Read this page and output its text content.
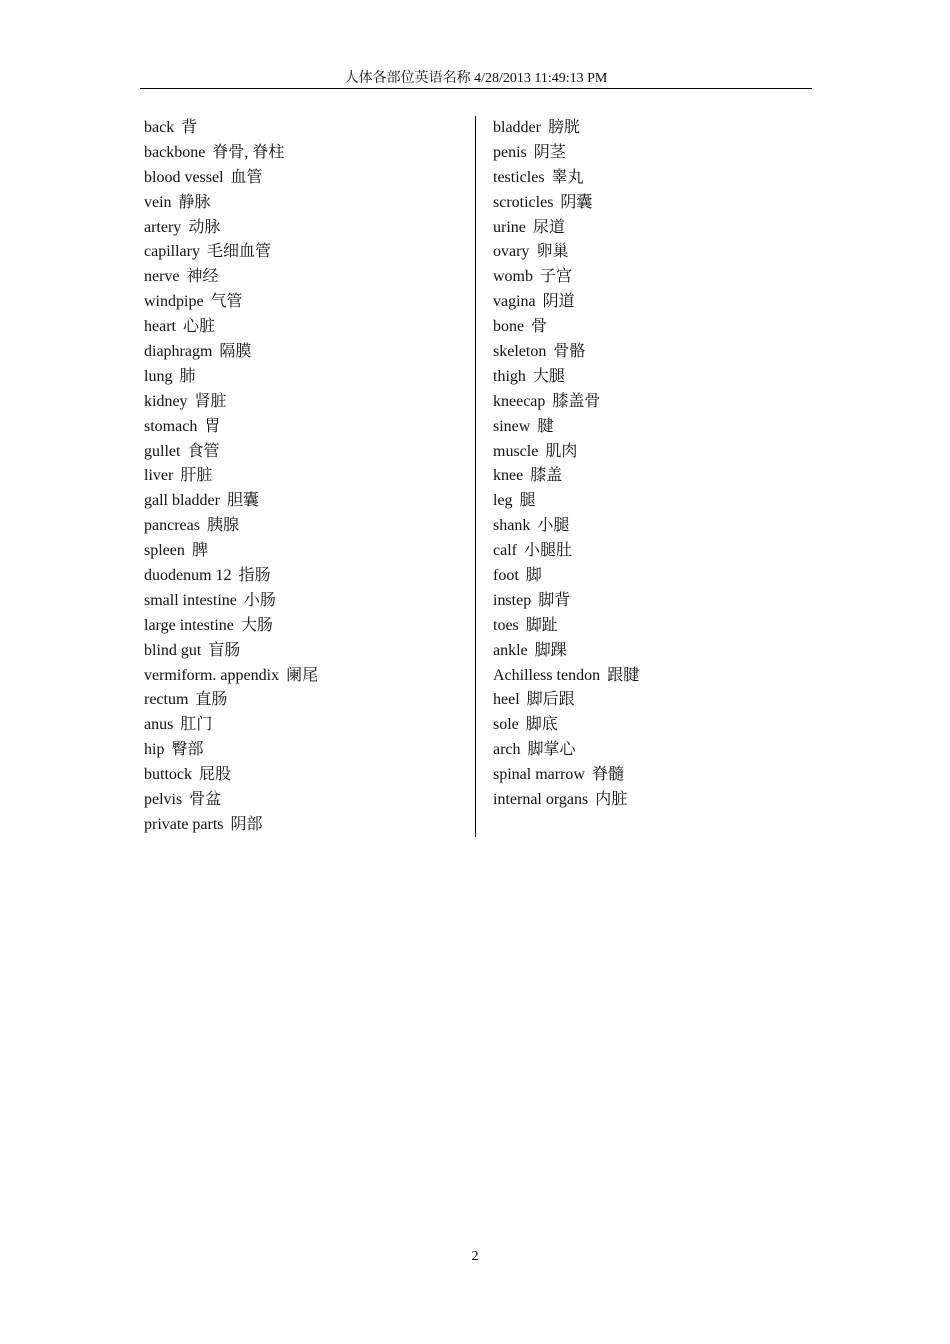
人体各部位英语名称 4/28/2013 11:49:13 PM
back 背
backbone 脊骨, 脊柱
blood vessel 血管
vein 静脉
artery 动脉
capillary 毛细血管
nerve 神经
windpipe 气管
heart 心脏
diaphragm 隔膜
lung 肺
kidney 肾脏
stomach 胃
gullet 食管
liver 肝脏
gall bladder 胆囊
pancreas 胰腺
spleen 脾
duodenum 12 指肠
small intestine 小肠
large intestine 大肠
blind gut 盲肠
vermiform. appendix 阑尾
rectum 直肠
anus 肛门
hip 臀部
buttock 屁股
pelvis 骨盆
private parts 阴部
bladder 膀胱
penis 阴茎
testicles 睾丸
scroticles 阴囊
urine 尿道
ovary 卵巢
womb 子宫
vagina 阴道
bone 骨
skeleton 骨骼
thigh 大腿
kneecap 膝盖骨
sinew 腱
muscle 肌肉
knee 膝盖
leg 腿
shank 小腿
calf 小腿肚
foot 脚
instep 脚背
toes 脚趾
ankle 脚踝
Achilless tendon 跟腱
heel 脚后跟
sole 脚底
arch 脚掌心
spinal marrow 脊髓
internal organs 内脏
2
